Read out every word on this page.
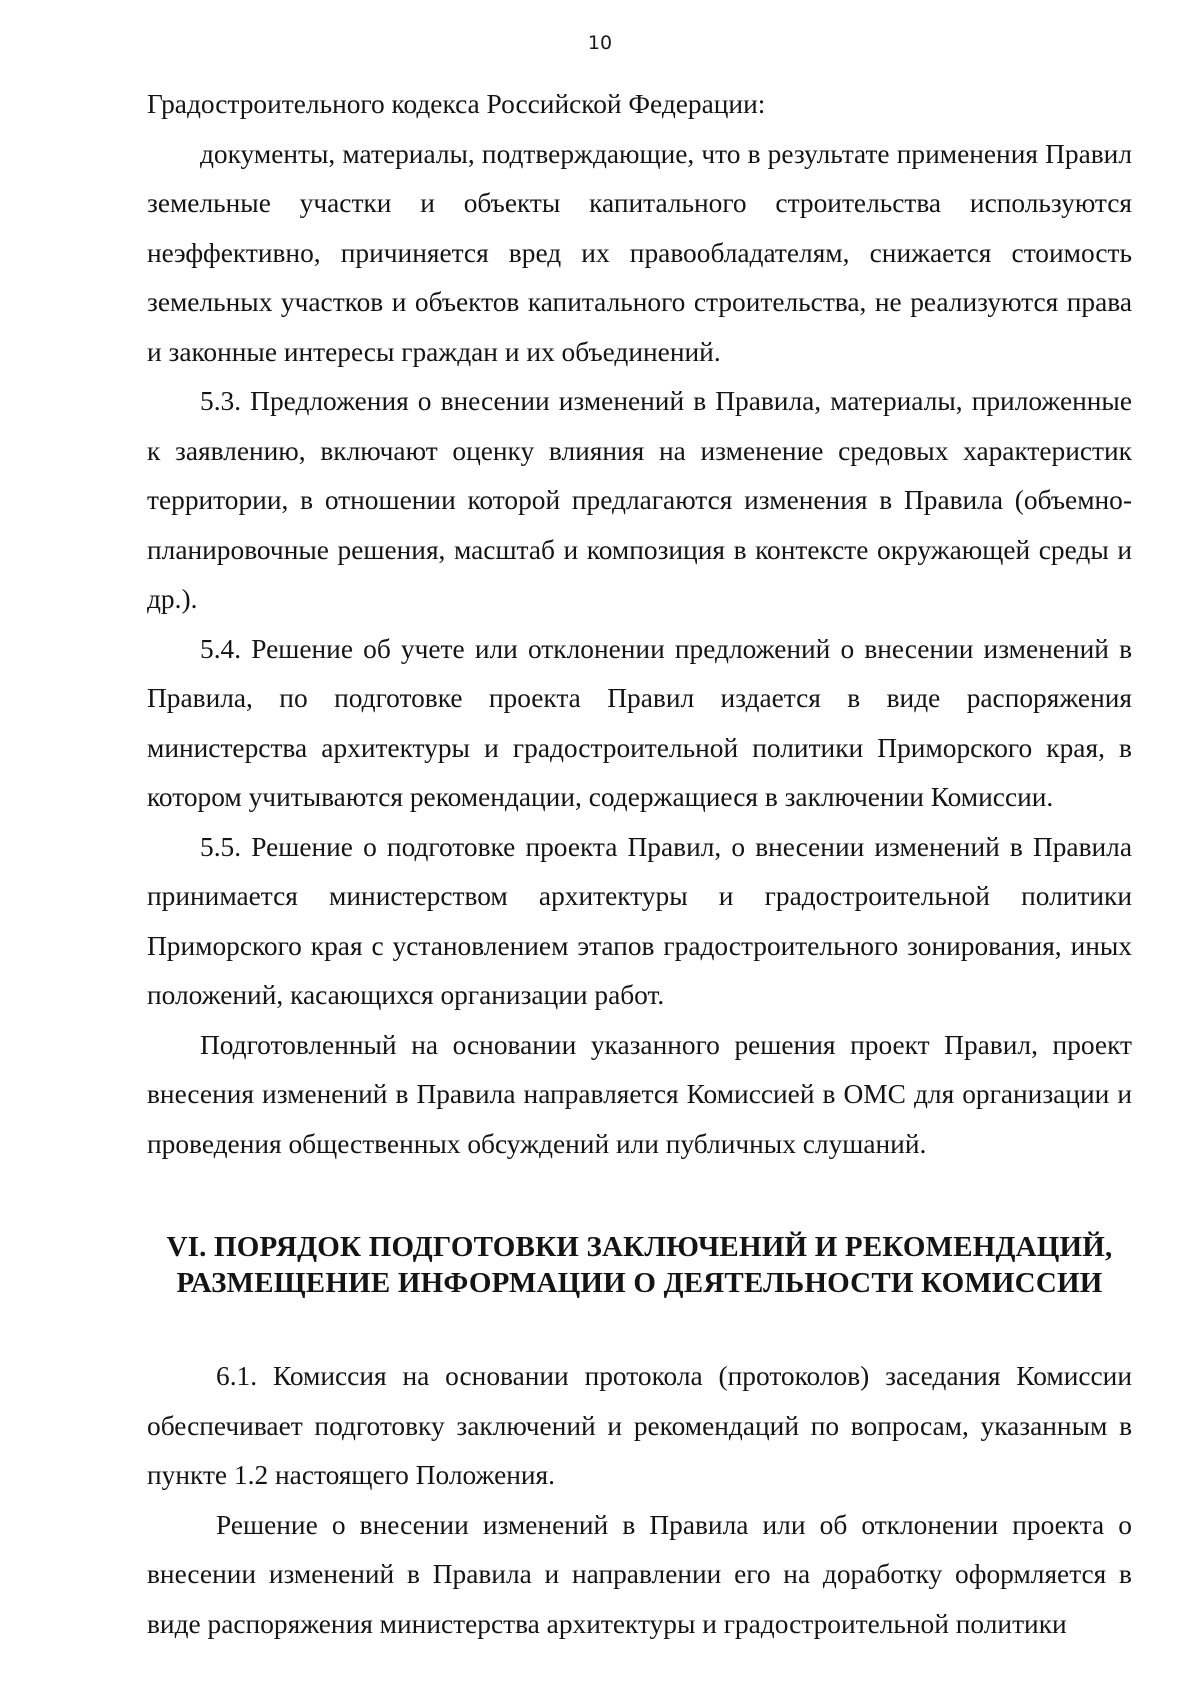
10

Градостроительного кодекса Российской Федерации:

документы, материалы, подтверждающие, что в результате применения Правил земельные участки и объекты капитального строительства используются неэффективно, причиняется вред их правообладателям, снижается стоимость земельных участков и объектов капитального строительства, не реализуются права и законные интересы граждан и их объединений.

5.3. Предложения о внесении изменений в Правила, материалы, приложенные к заявлению, включают оценку влияния на изменение средовых характеристик территории, в отношении которой предлагаются изменения в Правила (объемно-планировочные решения, масштаб и композиция в контексте окружающей среды и др.).

5.4. Решение об учете или отклонении предложений о внесении изменений в Правила, по подготовке проекта Правил издается в виде распоряжения министерства архитектуры и градостроительной политики Приморского края, в котором учитываются рекомендации, содержащиеся в заключении Комиссии.

5.5. Решение о подготовке проекта Правил, о внесении изменений в Правила принимается министерством архитектуры и градостроительной политики Приморского края с установлением этапов градостроительного зонирования, иных положений, касающихся организации работ.

Подготовленный на основании указанного решения проект Правил, проект внесения изменений в Правила направляется Комиссией в ОМС для организации и проведения общественных обсуждений или публичных слушаний.

VI. ПОРЯДОК ПОДГОТОВКИ ЗАКЛЮЧЕНИЙ И РЕКОМЕНДАЦИЙ,
РАЗМЕЩЕНИЕ ИНФОРМАЦИИ О ДЕЯТЕЛЬНОСТИ КОМИССИИ

6.1. Комиссия на основании протокола (протоколов) заседания Комиссии обеспечивает подготовку заключений и рекомендаций по вопросам, указанным в пункте 1.2 настоящего Положения.

Решение о внесении изменений в Правила или об отклонении проекта о внесении изменений в Правила и направлении его на доработку оформляется в виде распоряжения министерства архитектуры и градостроительной политики
